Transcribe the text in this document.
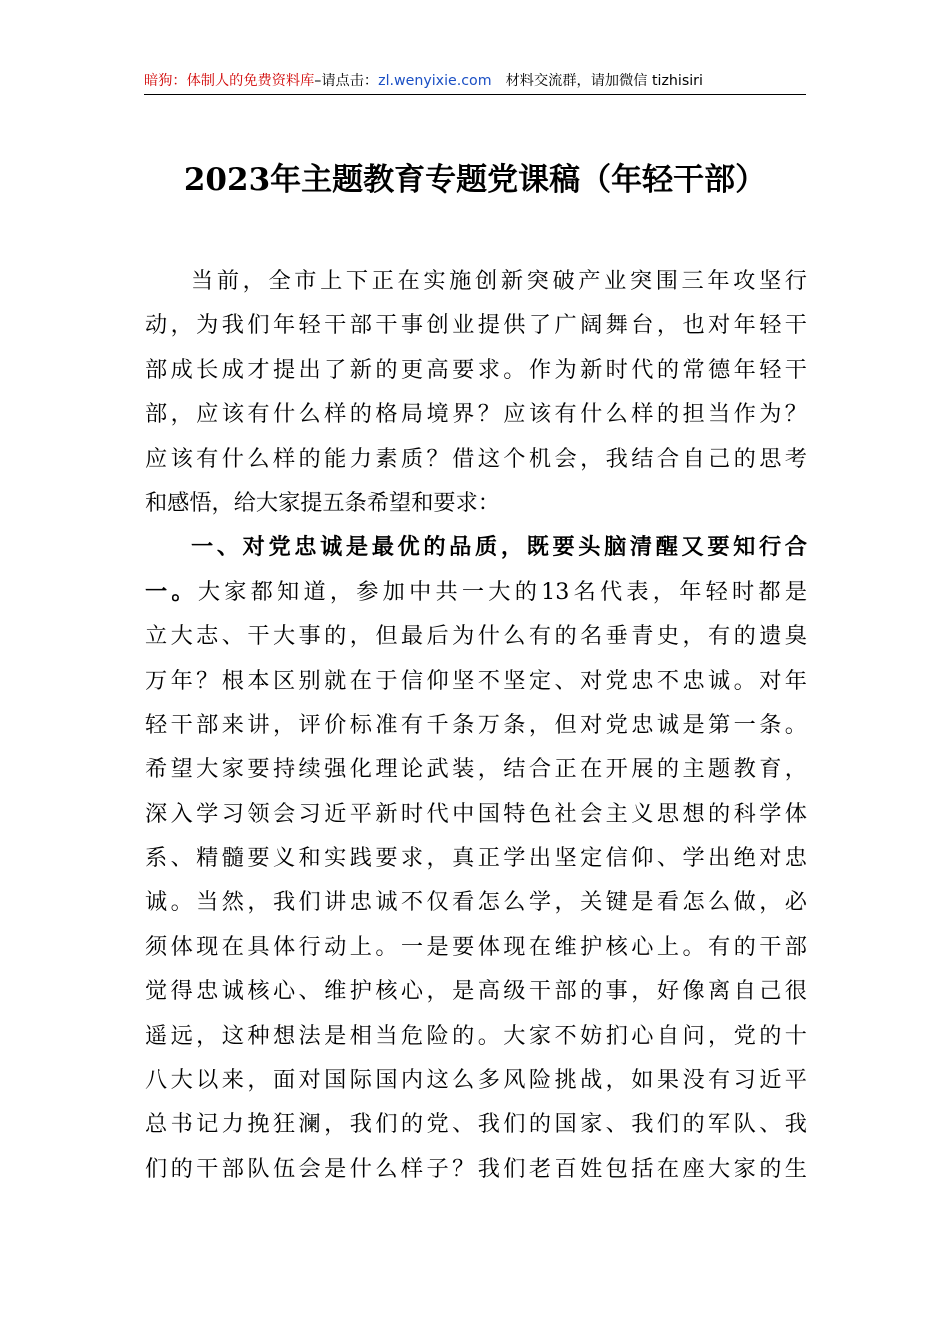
暗狗：体制人的免费资料库–请点击：zl.wenyixie.com 材料交流群，请加微信 tizhisiri
2023年主题教育专题党课稿（年轻干部）
当前，全市上下正在实施创新突破产业突围三年攻坚行
动，为我们年轻干部干事创业提供了广阔舞台，也对年轻干
部成长成才提出了新的更高要求。作为新时代的常德年轻干
部，应该有什么样的格局境界？应该有什么样的担当作为？
应该有什么样的能力素质？借这个机会，我结合自己的思考
和感悟，给大家提五条希望和要求：
一、对党忠诚是最优的品质，既要头脑清醒又要知行合
一。大家都知道，参加中共一大的13名代表，年轻时都是
立大志、干大事的，但最后为什么有的名垂青史，有的遗臭
万年？根本区别就在于信仰坚不坚定、对党忠不忠诚。对年
轻干部来讲，评价标准有千条万条，但对党忠诚是第一条。
希望大家要持续强化理论武装，结合正在开展的主题教育，
深入学习领会习近平新时代中国特色社会主义思想的科学体
系、精髓要义和实践要求，真正学出坚定信仰、学出绝对忠
诚。当然，我们讲忠诚不仅看怎么学，关键是看怎么做，必
须体现在具体行动上。一是要体现在维护核心上。有的干部
觉得忠诚核心、维护核心，是高级干部的事，好像离自己很
遥远，这种想法是相当危险的。大家不妨扪心自问，党的十
八大以来，面对国际国内这么多风险挑战，如果没有习近平
总书记力挽狂澜，我们的党、我们的国家、我们的军队、我
们的干部队伍会是什么样子？我们老百姓包括在座大家的生
